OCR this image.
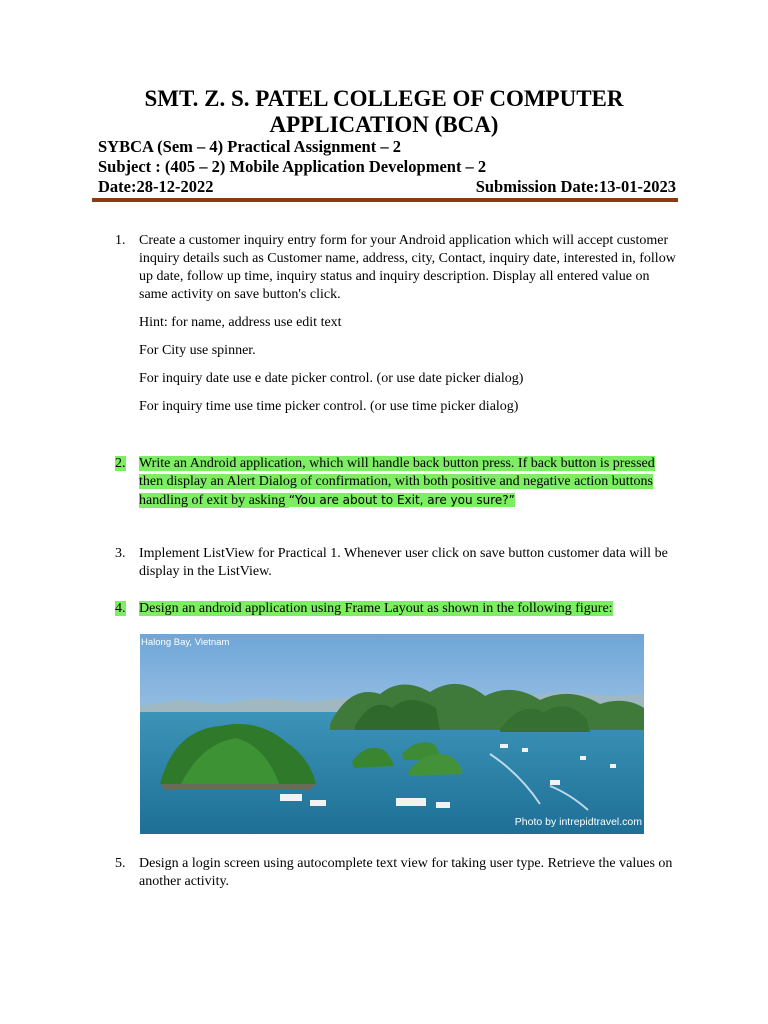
SMT. Z. S. PATEL COLLEGE OF COMPUTER
APPLICATION (BCA)
SYBCA (Sem – 4) Practical Assignment – 2
Subject : (405 – 2) Mobile Application Development – 2
Date:28-12-2022	Submission Date:13-01-2023
1. Create a customer inquiry entry form for your Android application which will accept customer inquiry details such as Customer name, address, city, Contact, inquiry date, interested in, follow up date, follow up time, inquiry status and inquiry description. Display all entered value on same activity on save button's click.
Hint: for name, address use edit text
For City use spinner.
For inquiry date use e date picker control. (or use date picker dialog)
For inquiry time use time picker control. (or use time picker dialog)
2. Write an Android application, which will handle back button press. If back button is pressed then display an Alert Dialog of confirmation, with both positive and negative action buttons handling of exit by asking “You are about to Exit, are you sure?”
3. Implement ListView for Practical 1. Whenever user click on save button customer data will be display in the ListView.
4. Design an android application using Frame Layout as shown in the following figure:
Halong Bay, Vietnam
Photo by intrepidtravel.com
5. Design a login screen using autocomplete text view for taking user type. Retrieve the values on another activity.
